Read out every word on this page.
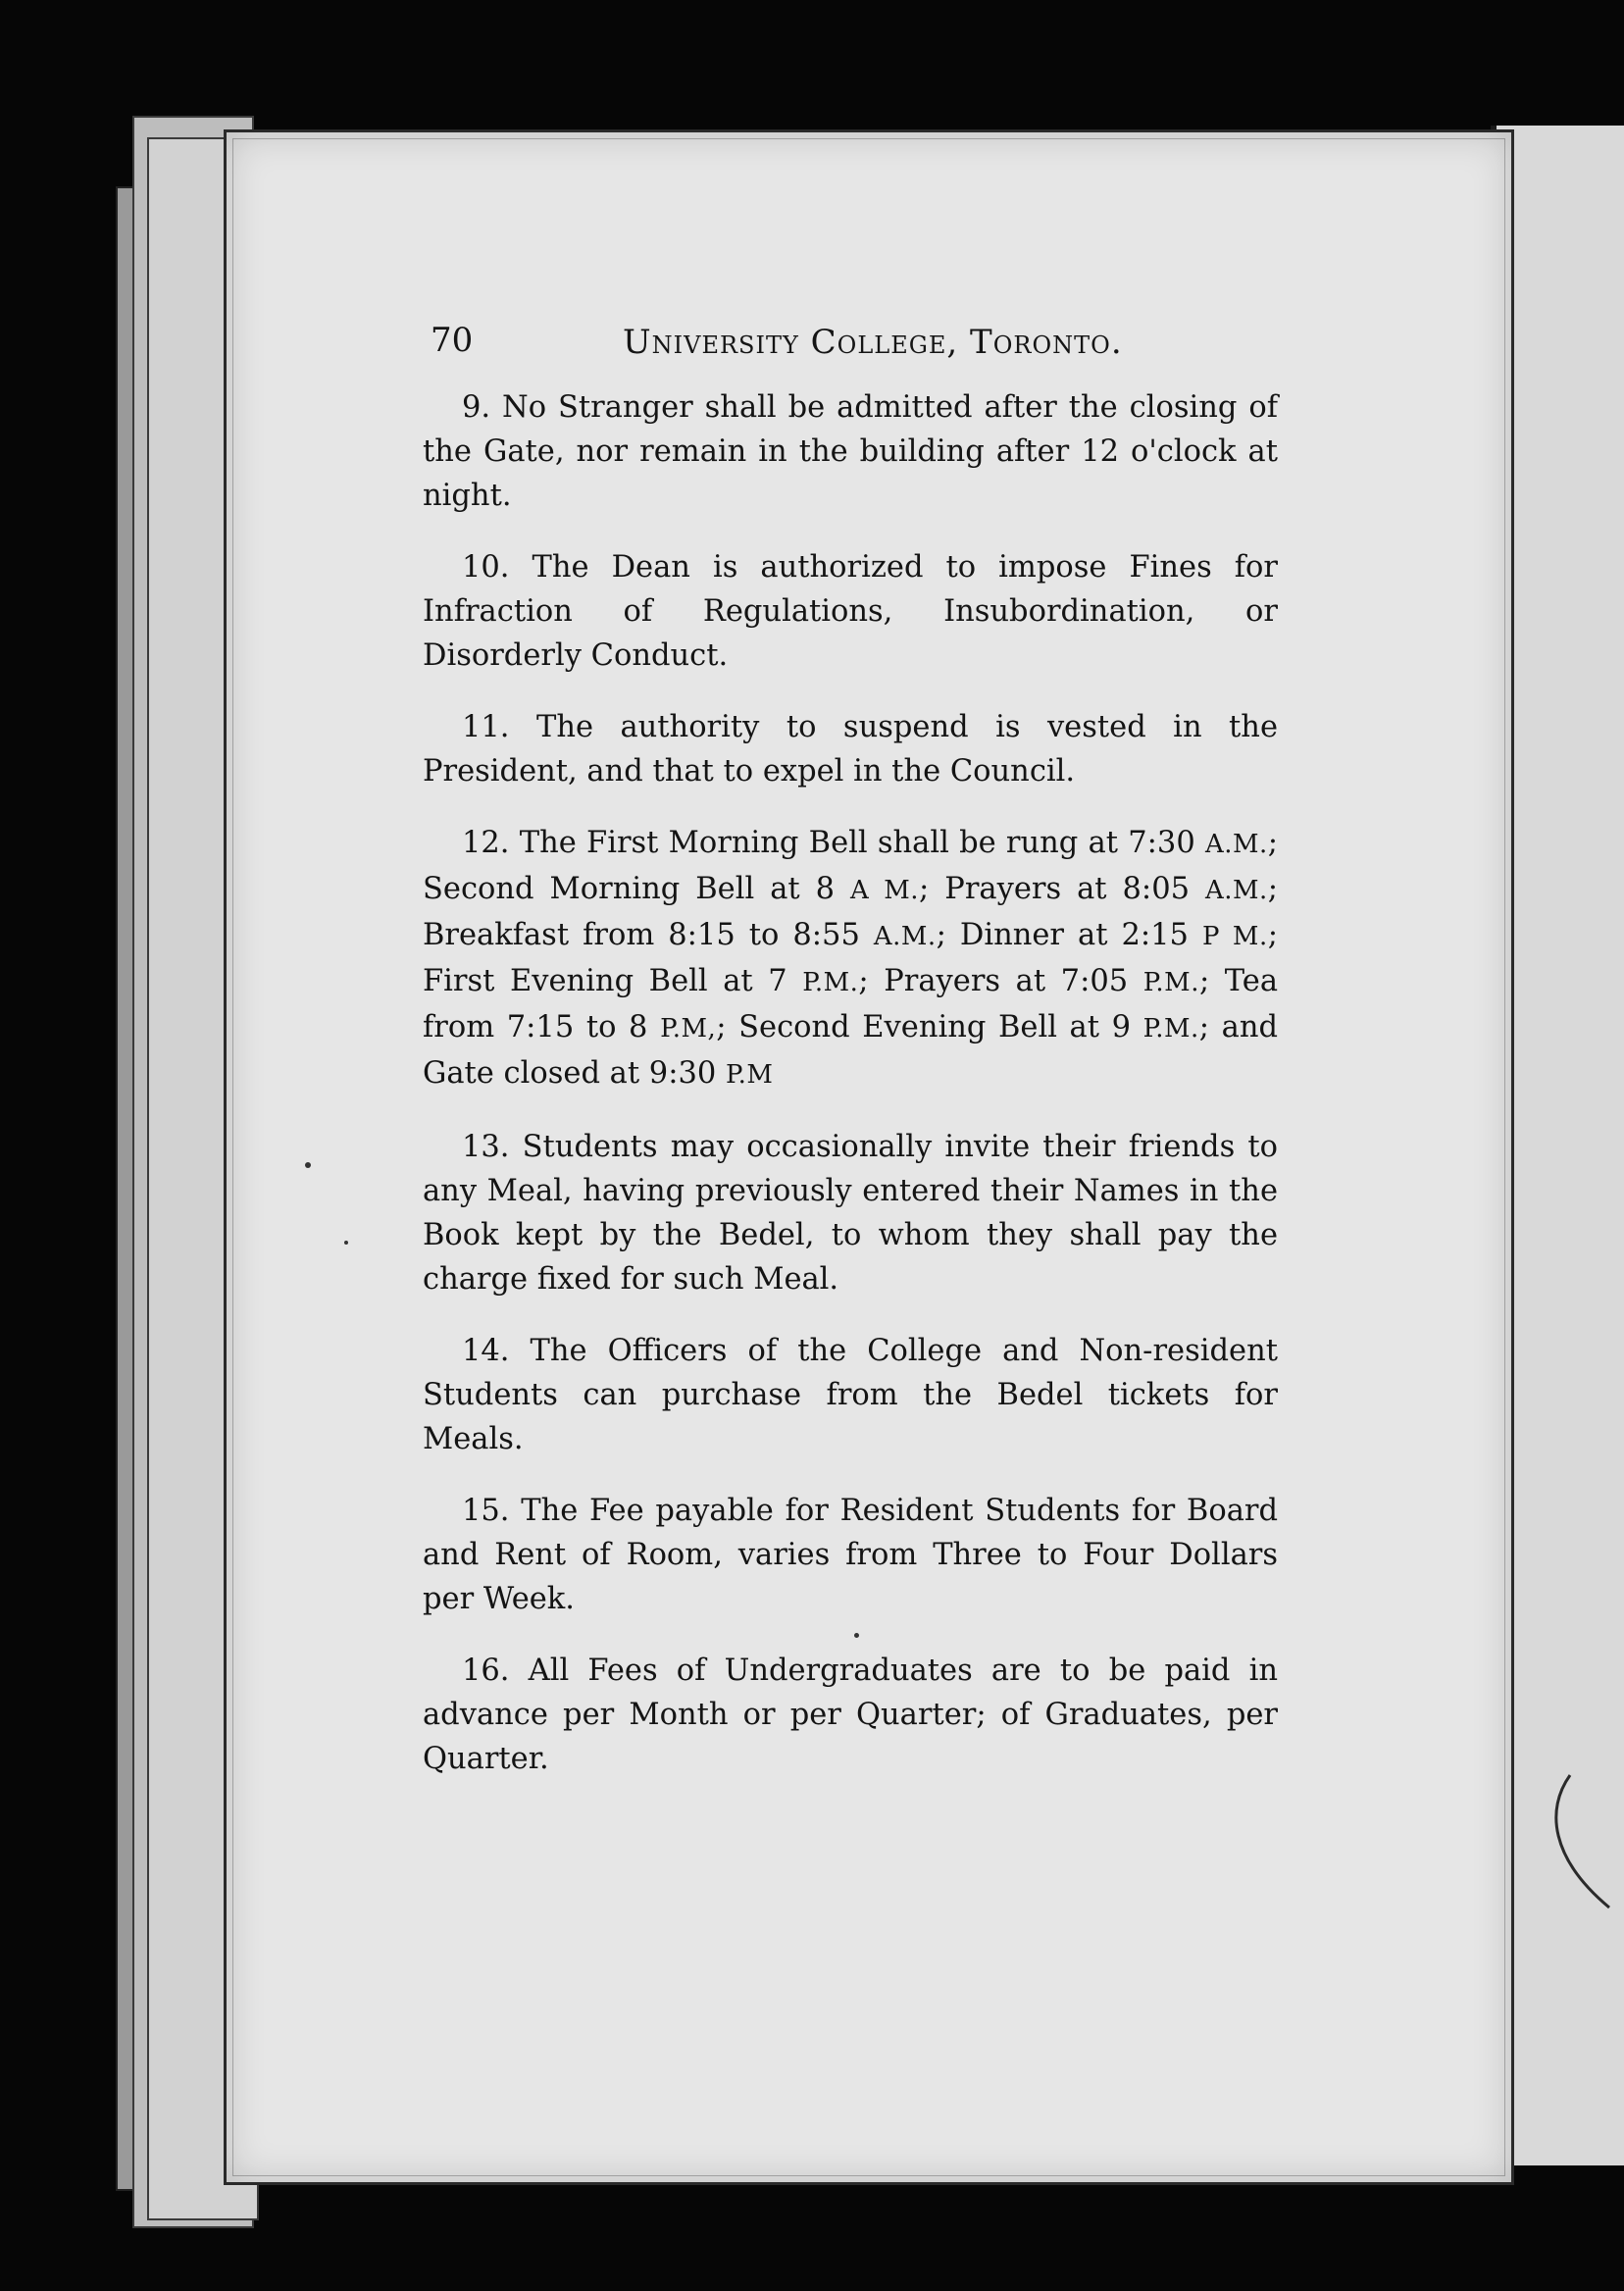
70	University College, Toronto.

9. No Stranger shall be admitted after the closing of the Gate, nor remain in the building after 12 o'clock at night.

10. The Dean is authorized to impose Fines for Infraction of Regulations, Insubordination, or Disorderly Conduct.

11. The authority to suspend is vested in the President, and that to expel in the Council.

12. The First Morning Bell shall be rung at 7:30 A.M.; Second Morning Bell at 8 A M.; Prayers at 8:05 A.M.; Breakfast from 8:15 to 8:55 A.M.; Dinner at 2:15 P M.; First Evening Bell at 7 P.M.; Prayers at 7:05 P.M.; Tea from 7:15 to 8 P.M,; Second Evening Bell at 9 P.M.; and Gate closed at 9:30 P.M

13. Students may occasionally invite their friends to any Meal, having previously entered their Names in the Book kept by the Bedel, to whom they shall pay the charge fixed for such Meal.

14. The Officers of the College and Non-resident Students can purchase from the Bedel tickets for Meals.

15. The Fee payable for Resident Students for Board and Rent of Room, varies from Three to Four Dollars per Week.

16. All Fees of Undergraduates are to be paid in advance per Month or per Quarter; of Graduates, per Quarter.
